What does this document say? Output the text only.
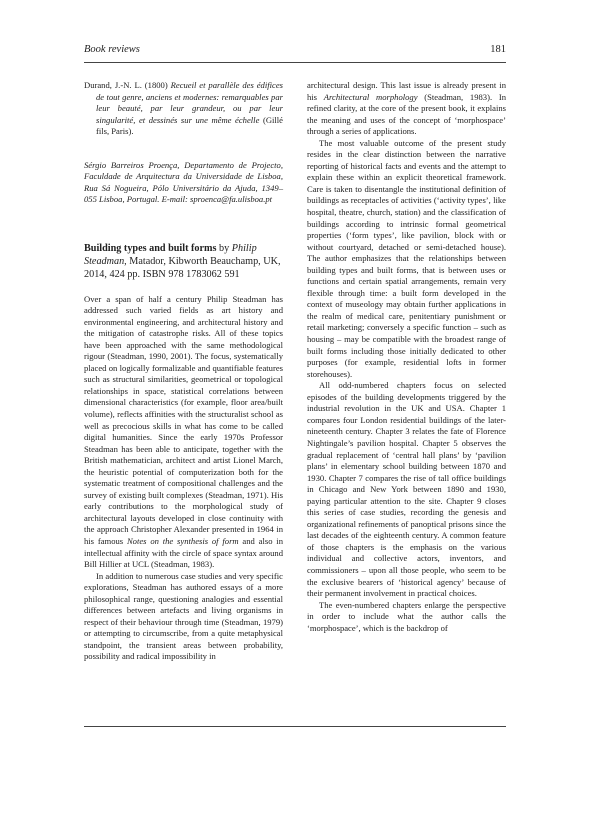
Book reviews	181

Durand, J.-N. L. (1800) Recueil et parallèle des édifices de tout genre, anciens et modernes: remarquables par leur beauté, par leur grandeur, ou par leur singularité, et dessinés sur une même échelle (Gillé fils, Paris).

Sérgio Barreiros Proença, Departamento de Projecto, Faculdade de Arquitectura da Universidade de Lisboa, Rua Sá Nogueira, Pólo Universitário da Ajuda, 1349–055 Lisboa, Portugal. E-mail: sproenca@fa.ulisboa.pt

Building types and built forms by Philip Steadman, Matador, Kibworth Beauchamp, UK, 2014, 424 pp. ISBN 978 1783062 591

Over a span of half a century Philip Steadman has addressed such varied fields as art history and environmental engineering, and architectural history and the mitigation of catastrophe risks. All of these topics have been approached with the same methodological rigour (Steadman, 1990, 2001). The focus, systematically placed on logically formalizable and quantifiable features such as structural similarities, geometrical or topological relationships in space, statistical correlations between dimensional characteristics (for example, floor area/built volume), reflects affinities with the structuralist school as well as precocious skills in what has come to be called digital humanities. Since the early 1970s Professor Steadman has been able to anticipate, together with the British mathematician, architect and artist Lionel March, the heuristic potential of computerization both for the systematic treatment of compositional challenges and the survey of existing built complexes (Steadman, 1971). His early contributions to the morphological study of architectural layouts developed in close continuity with the approach Christopher Alexander presented in 1964 in his famous Notes on the synthesis of form and also in intellectual affinity with the circle of space syntax around Bill Hillier at UCL (Steadman, 1983).

In addition to numerous case studies and very specific explorations, Steadman has authored essays of a more philosophical range, questioning analogies and essential differences between artefacts and living organisms in respect of their behaviour through time (Steadman, 1979) or attempting to circumscribe, from a quite metaphysical standpoint, the transient areas between probability, possibility and radical impossibility in

architectural design. This last issue is already present in his Architectural morphology (Steadman, 1983). In refined clarity, at the core of the present book, it explains the meaning and uses of the concept of ‘morphospace’ through a series of applications.

The most valuable outcome of the present study resides in the clear distinction between the narrative reporting of historical facts and events and the attempt to explain these within an explicit theoretical framework. Care is taken to disentangle the institutional definition of buildings as receptacles of activities (‘activity types’, like hospital, theatre, church, station) and the classification of buildings according to intrinsic formal geometrical properties (‘form types’, like pavilion, block with or without courtyard, detached or semi-detached house). The author emphasizes that the relationships between building types and built forms, that is between uses or functions and certain spatial arrangements, remain very flexible through time: a built form developed in the context of museology may obtain further applications in the realm of medical care, penitentiary punishment or retail marketing; conversely a specific function – such as housing – may be compatible with the broadest range of built forms including those initially dedicated to other purposes (for example, residential lofts in former storehouses).

All odd-numbered chapters focus on selected episodes of the building developments triggered by the industrial revolution in the UK and USA. Chapter 1 compares four London residential buildings of the later-nineteenth century. Chapter 3 relates the fate of Florence Nightingale’s pavilion hospital. Chapter 5 observes the gradual replacement of ‘central hall plans’ by ‘pavilion plans’ in elementary school building between 1870 and 1930. Chapter 7 compares the rise of tall office buildings in Chicago and New York between 1890 and 1930, paying particular attention to the site. Chapter 9 closes this series of case studies, recording the genesis and organizational refinements of panoptical prisons since the last decades of the eighteenth century. A common feature of those chapters is the emphasis on the various individual and collective actors, inventors, and commissioners – upon all those people, who seem to be the exclusive bearers of ‘historical agency’ because of their permanent involvement in practical choices.

The even-numbered chapters enlarge the perspective in order to include what the author calls the ‘morphospace’, which is the backdrop of
